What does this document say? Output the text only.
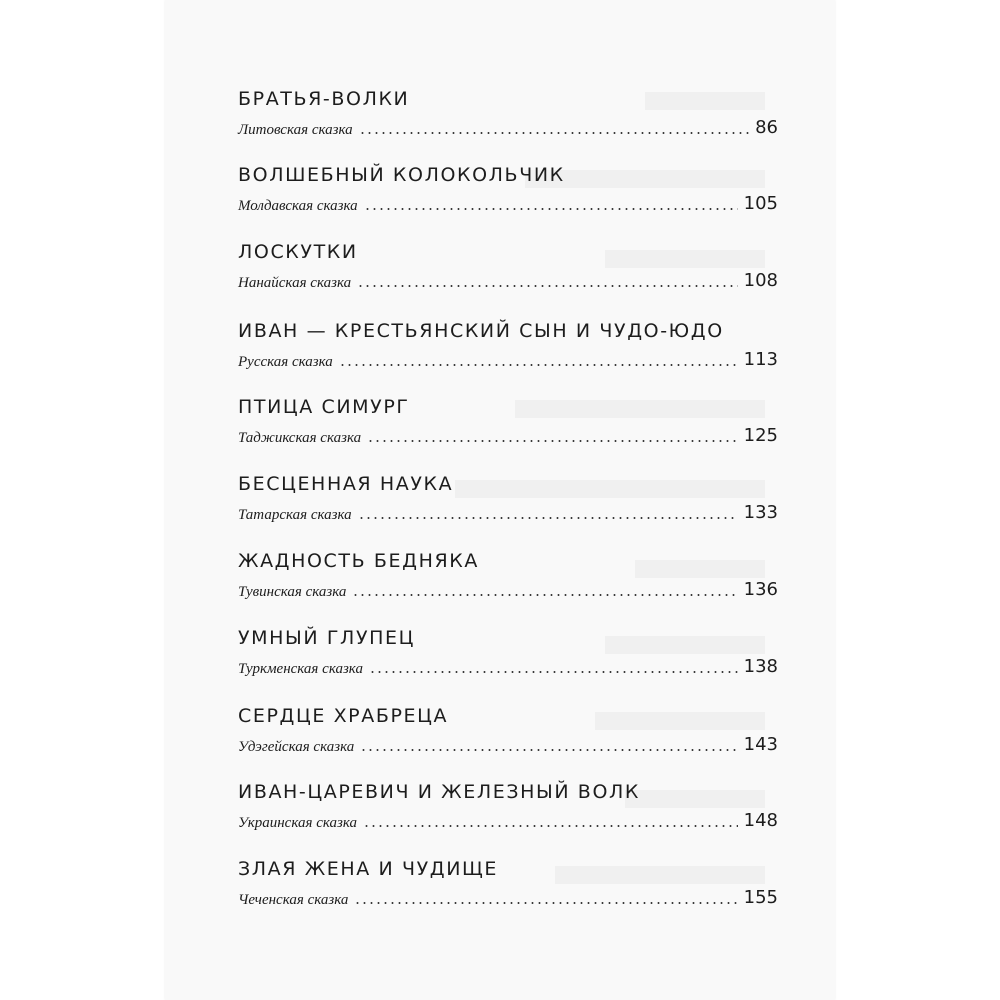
БРАТЬЯ-ВОЛКИ
Литовская сказка	86
ВОЛШЕБНЫЙ КОЛОКОЛЬЧИК
Молдавская сказка	105
ЛОСКУТКИ
Нанайская сказка	108
ИВАН — КРЕСТЬЯНСКИЙ СЫН И ЧУДО-ЮДО
Русская сказка	113
ПТИЦА СИМУРГ
Таджикская сказка	125
БЕСЦЕННАЯ НАУКА
Татарская сказка	133
ЖАДНОСТЬ БЕДНЯКА
Тувинская сказка	136
УМНЫЙ ГЛУПЕЦ
Туркменская сказка	138
СЕРДЦЕ ХРАБРЕЦА
Удэгейская сказка	143
ИВАН-ЦАРЕВИЧ И ЖЕЛЕЗНЫЙ ВОЛК
Украинская сказка	148
ЗЛАЯ ЖЕНА И ЧУДИЩЕ
Чеченская сказка	155
